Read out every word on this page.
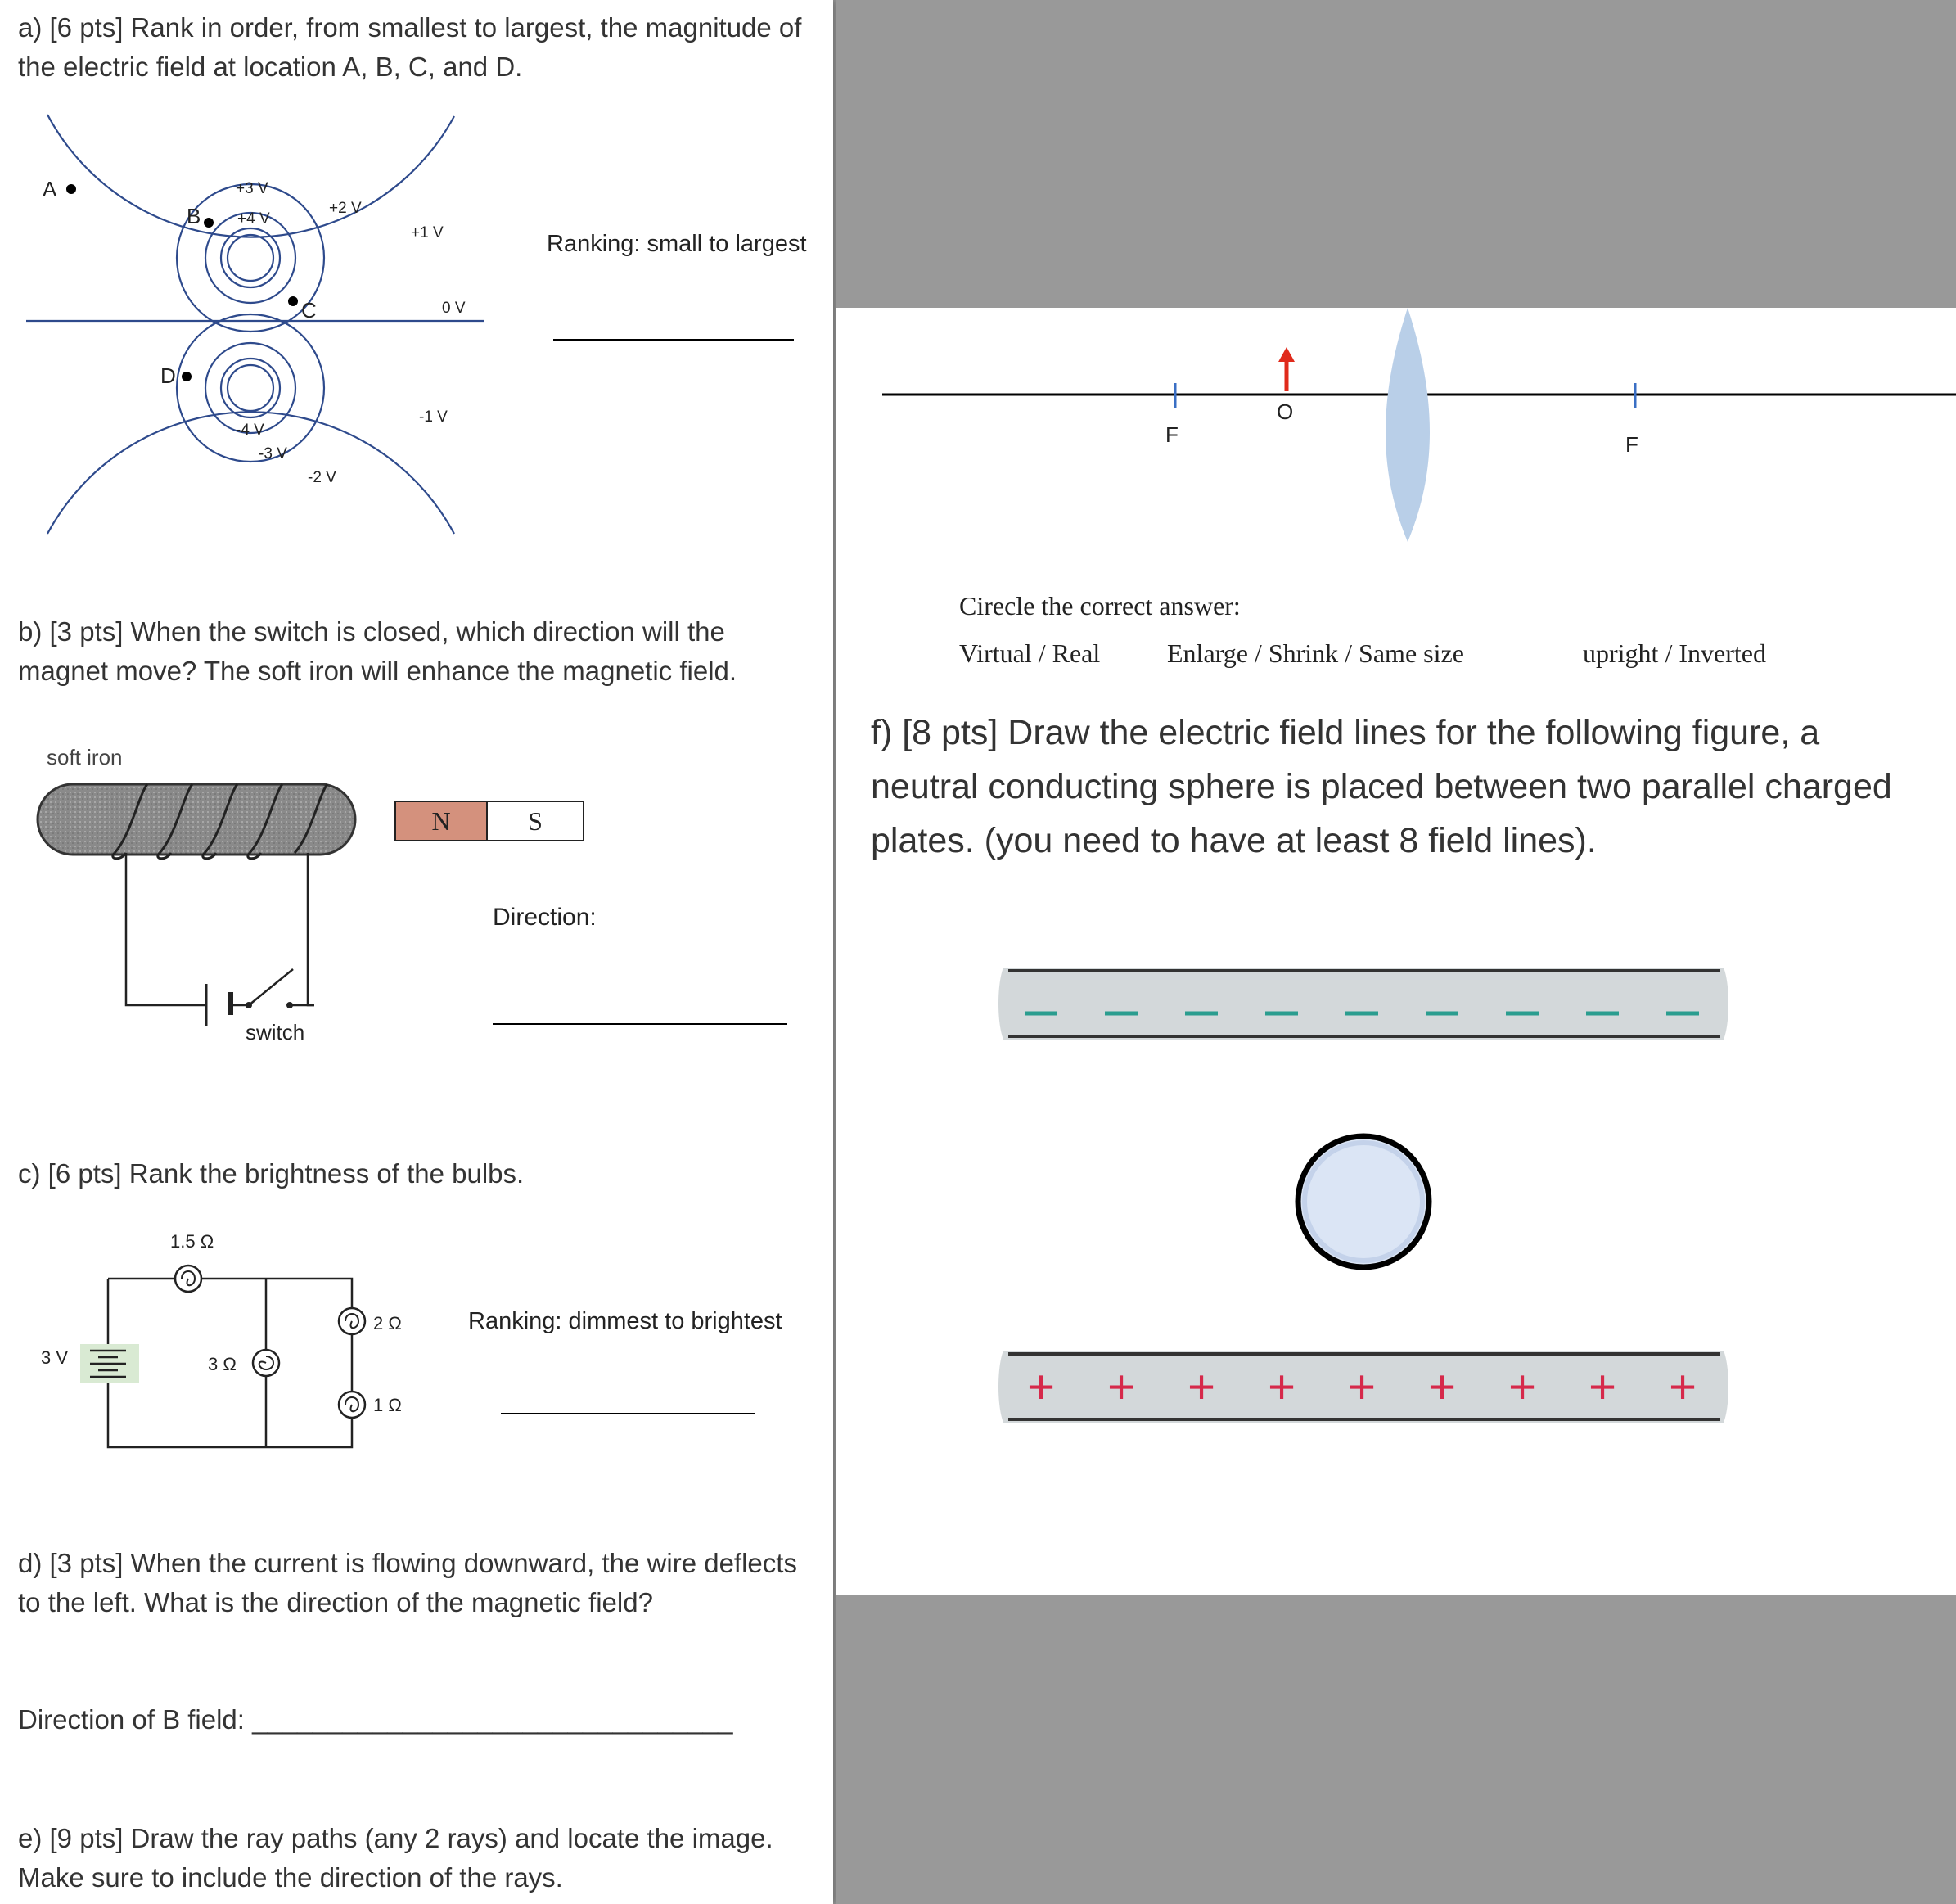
a) [6 pts] Rank in order, from smallest to largest, the magnitude of the electric field at location A, B, C, and D.

A
B
C
D
+3 V
+4 V
+2 V
+1 V
0 V
-1 V
-4 V
-3 V
-2 V
Ranking: small to largest

b) [3 pts] When the switch is closed, which direction will the magnet move? The soft iron will enhance the magnetic field.

soft iron
switch
N	S
Direction:

c) [6 pts] Rank the brightness of the bulbs.

1.5 Ω
3 Ω
2 Ω
1 Ω
3 V
Ranking: dimmest to brightest

d) [3 pts] When the current is flowing downward, the wire deflects to the left. What is the direction of the magnetic field?

Direction of B field: ________________________________

e) [9 pts] Draw the ray paths (any 2 rays) and locate the image. Make sure to include the direction of the rays.

F	F
O
Cirecle the correct answer:
Virtual / Real	Enlarge / Shrink / Same size	upright / Inverted

f) [8 pts] Draw the electric field lines for the following figure, a neutral conducting sphere is placed between two parallel charged plates. (you need to have at least 8 field lines).

+ + + + + + + + +
